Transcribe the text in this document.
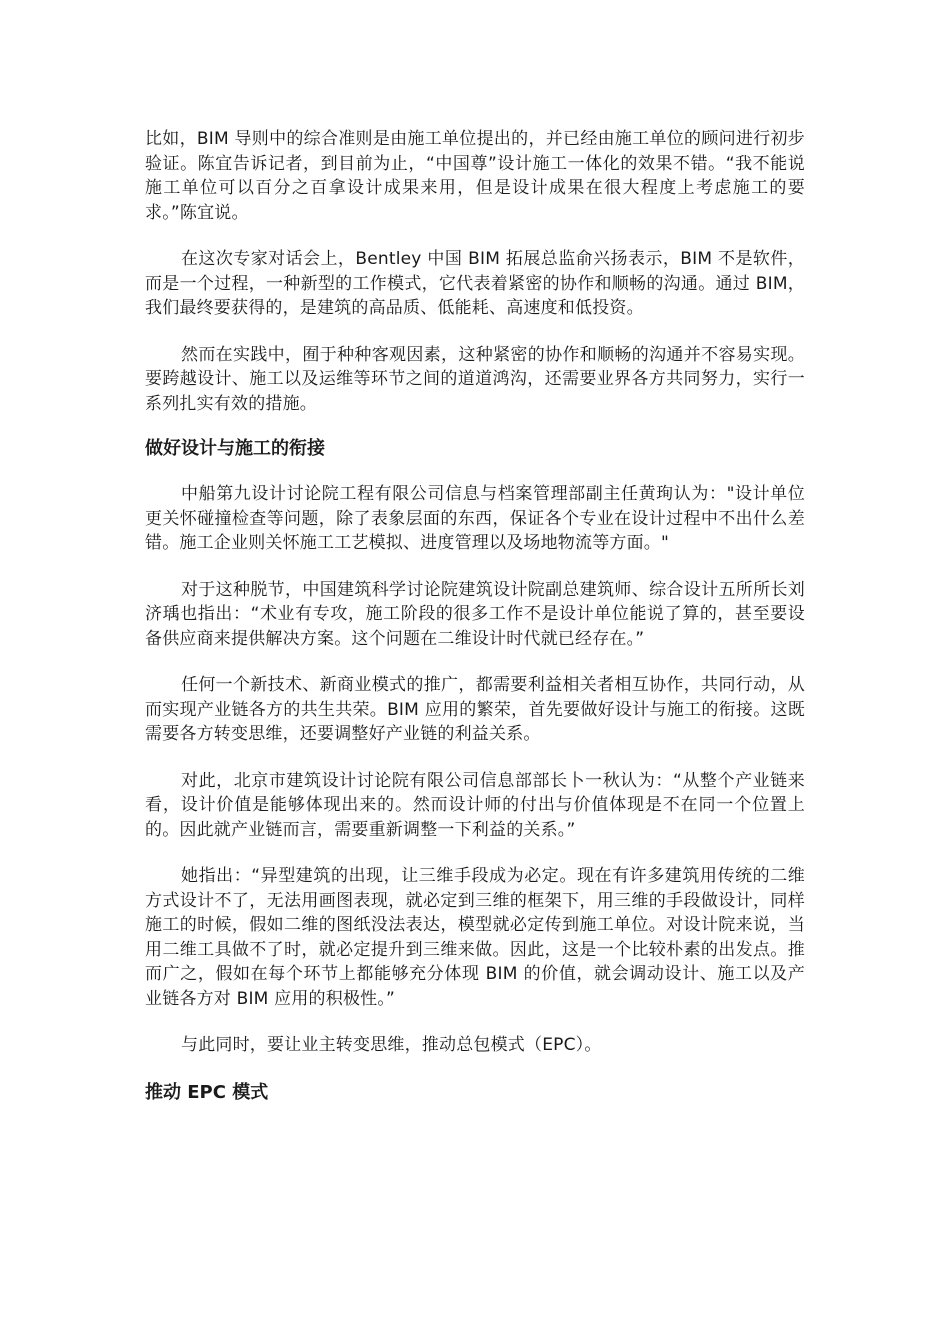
比如，BIM 导则中的综合准则是由施工单位提出的，并已经由施工单位的顾问进行初步验证。陈宜告诉记者，到目前为止，“中国尊”设计施工一体化的效果不错。“我不能说施工单位可以百分之百拿设计成果来用，但是设计成果在很大程度上考虑施工的要求。”陈宜说。

在这次专家对话会上，Bentley 中国 BIM 拓展总监俞兴扬表示，BIM 不是软件，而是一个过程，一种新型的工作模式，它代表着紧密的协作和顺畅的沟通。通过 BIM，我们最终要获得的，是建筑的高品质、低能耗、高速度和低投资。

然而在实践中，囿于种种客观因素，这种紧密的协作和顺畅的沟通并不容易实现。要跨越设计、施工以及运维等环节之间的道道鸿沟，还需要业界各方共同努力，实行一系列扎实有效的措施。

做好设计与施工的衔接

中船第九设计讨论院工程有限公司信息与档案管理部副主任黄珣认为："设计单位更关怀碰撞检查等问题，除了表象层面的东西，保证各个专业在设计过程中不出什么差错。施工企业则关怀施工工艺模拟、进度管理以及场地物流等方面。"

对于这种脱节，中国建筑科学讨论院建筑设计院副总建筑师、综合设计五所所长刘济瑀也指出：“术业有专攻，施工阶段的很多工作不是设计单位能说了算的，甚至要设备供应商来提供解决方案。这个问题在二维设计时代就已经存在。”

任何一个新技术、新商业模式的推广，都需要利益相关者相互协作，共同行动，从而实现产业链各方的共生共荣。BIM 应用的繁荣，首先要做好设计与施工的衔接。这既需要各方转变思维，还要调整好产业链的利益关系。

对此，北京市建筑设计讨论院有限公司信息部部长卜一秋认为：“从整个产业链来看，设计价值是能够体现出来的。然而设计师的付出与价值体现是不在同一个位置上的。因此就产业链而言，需要重新调整一下利益的关系。”

她指出：“异型建筑的出现，让三维手段成为必定。现在有许多建筑用传统的二维方式设计不了，无法用画图表现，就必定到三维的框架下，用三维的手段做设计，同样施工的时候，假如二维的图纸没法表达，模型就必定传到施工单位。对设计院来说，当用二维工具做不了时，就必定提升到三维来做。因此，这是一个比较朴素的出发点。推而广之，假如在每个环节上都能够充分体现 BIM 的价值，就会调动设计、施工以及产业链各方对 BIM 应用的积极性。”

与此同时，要让业主转变思维，推动总包模式（EPC）。

推动 EPC 模式
